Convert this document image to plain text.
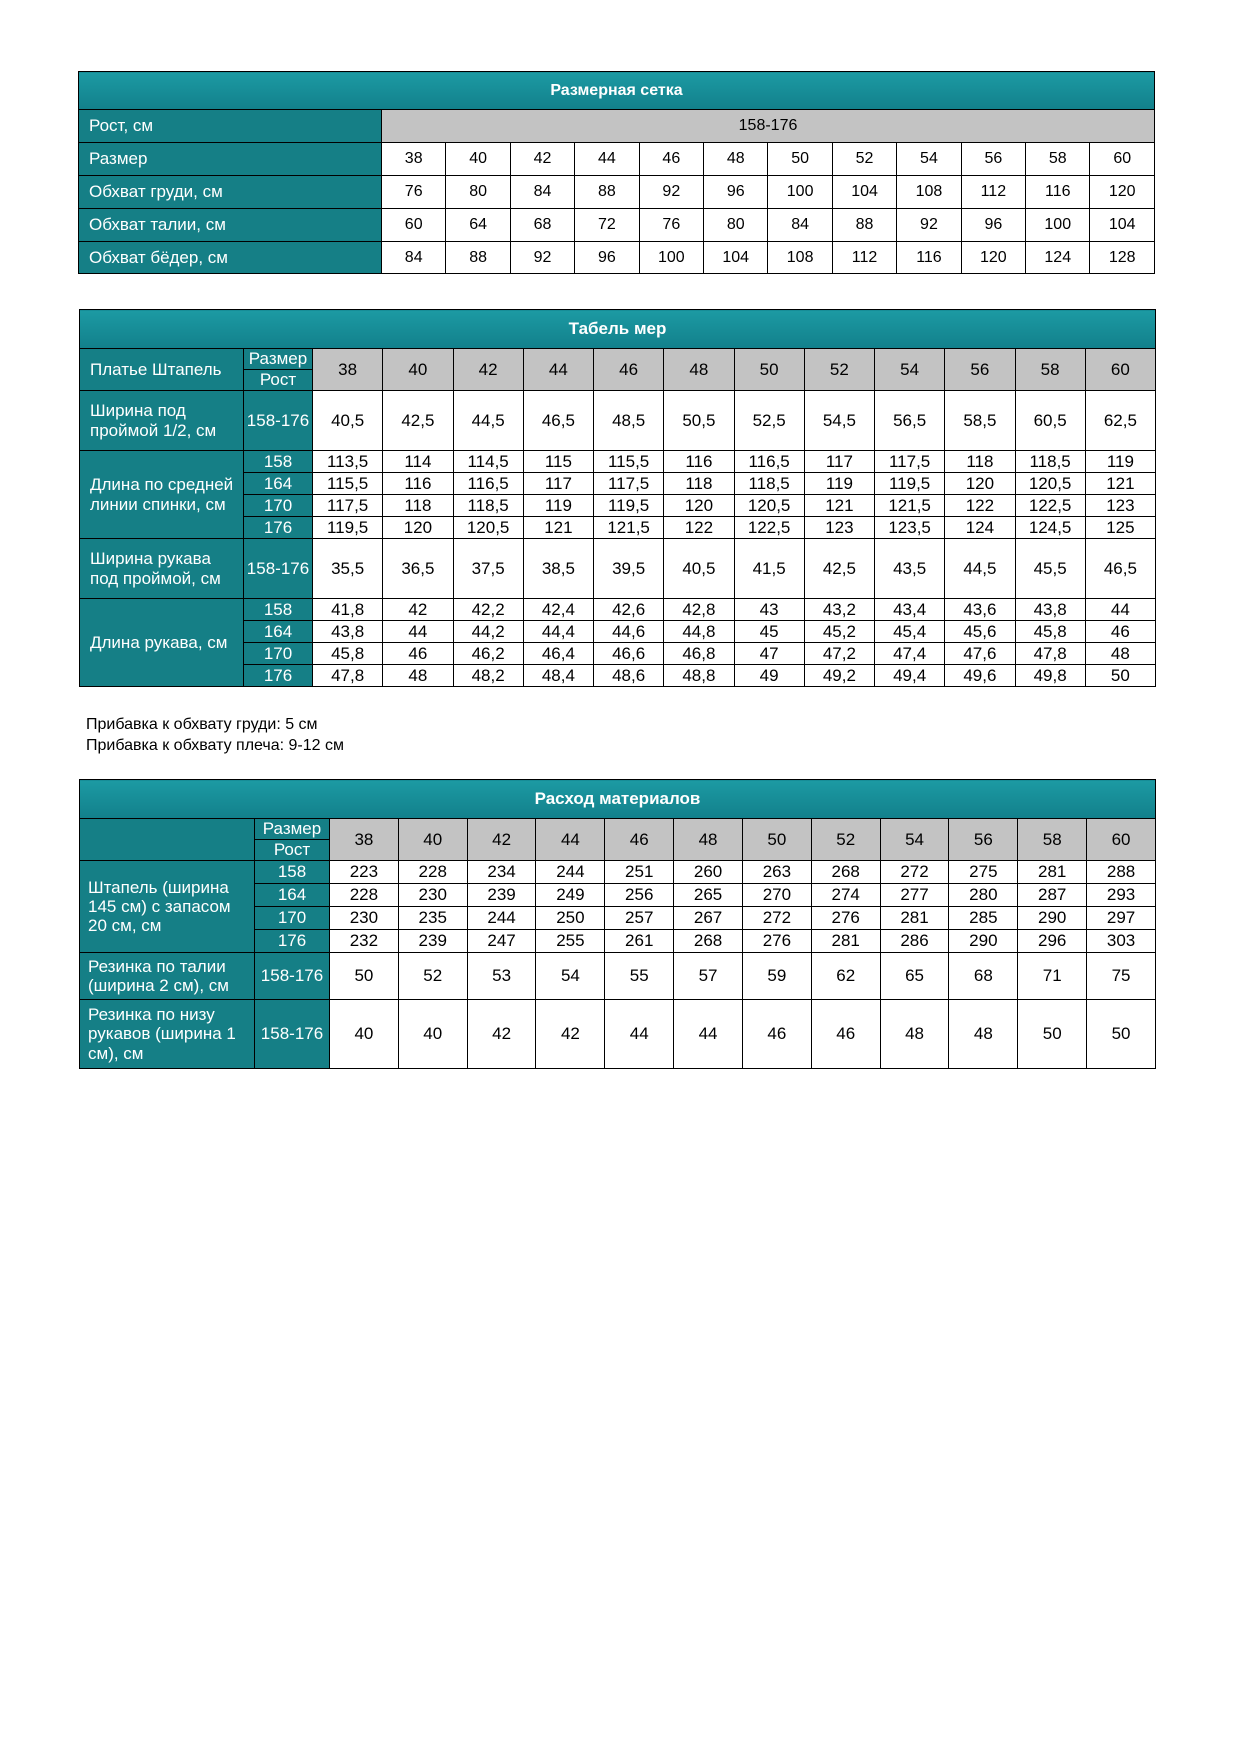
Размерная сетка												
Рост, см	158-176											
Размер	38	40	42	44	46	48	50	52	54	56	58	60
Обхват груди, см	76	80	84	88	92	96	100	104	108	112	116	120
Обхват талии, см	60	64	68	72	76	80	84	88	92	96	100	104
Обхват бёдер, см	84	88	92	96	100	104	108	112	116	120	124	128
Табель мер													
Платье Штапель	Размер	38	40	42	44	46	48	50	52	54	56	58	60
	Рост												
Ширина под проймой 1/2, см	158-176	40,5	42,5	44,5	46,5	48,5	50,5	52,5	54,5	56,5	58,5	60,5	62,5
Длина по средней линии спинки, см	158	113,5	114	114,5	115	115,5	116	116,5	117	117,5	118	118,5	119
	164	115,5	116	116,5	117	117,5	118	118,5	119	119,5	120	120,5	121
	170	117,5	118	118,5	119	119,5	120	120,5	121	121,5	122	122,5	123
	176	119,5	120	120,5	121	121,5	122	122,5	123	123,5	124	124,5	125
Ширина рукава под проймой, см	158-176	35,5	36,5	37,5	38,5	39,5	40,5	41,5	42,5	43,5	44,5	45,5	46,5
Длина рукава, см	158	41,8	42	42,2	42,4	42,6	42,8	43	43,2	43,4	43,6	43,8	44
	164	43,8	44	44,2	44,4	44,6	44,8	45	45,2	45,4	45,6	45,8	46
	170	45,8	46	46,2	46,4	46,6	46,8	47	47,2	47,4	47,6	47,8	48
	176	47,8	48	48,2	48,4	48,6	48,8	49	49,2	49,4	49,6	49,8	50
Прибавка к обхвату груди: 5 см
Прибавка к обхвату плеча: 9-12 см
Расход материалов													
	Размер	38	40	42	44	46	48	50	52	54	56	58	60
	Рост												
Штапель (ширина 145 см) с запасом 20 см, см	158	223	228	234	244	251	260	263	268	272	275	281	288
	164	228	230	239	249	256	265	270	274	277	280	287	293
	170	230	235	244	250	257	267	272	276	281	285	290	297
	176	232	239	247	255	261	268	276	281	286	290	296	303
Резинка по талии (ширина 2 см), см	158-176	50	52	53	54	55	57	59	62	65	68	71	75
Резинка по низу рукавов (ширина 1 см), см	158-176	40	40	42	42	44	44	46	46	48	48	50	50
